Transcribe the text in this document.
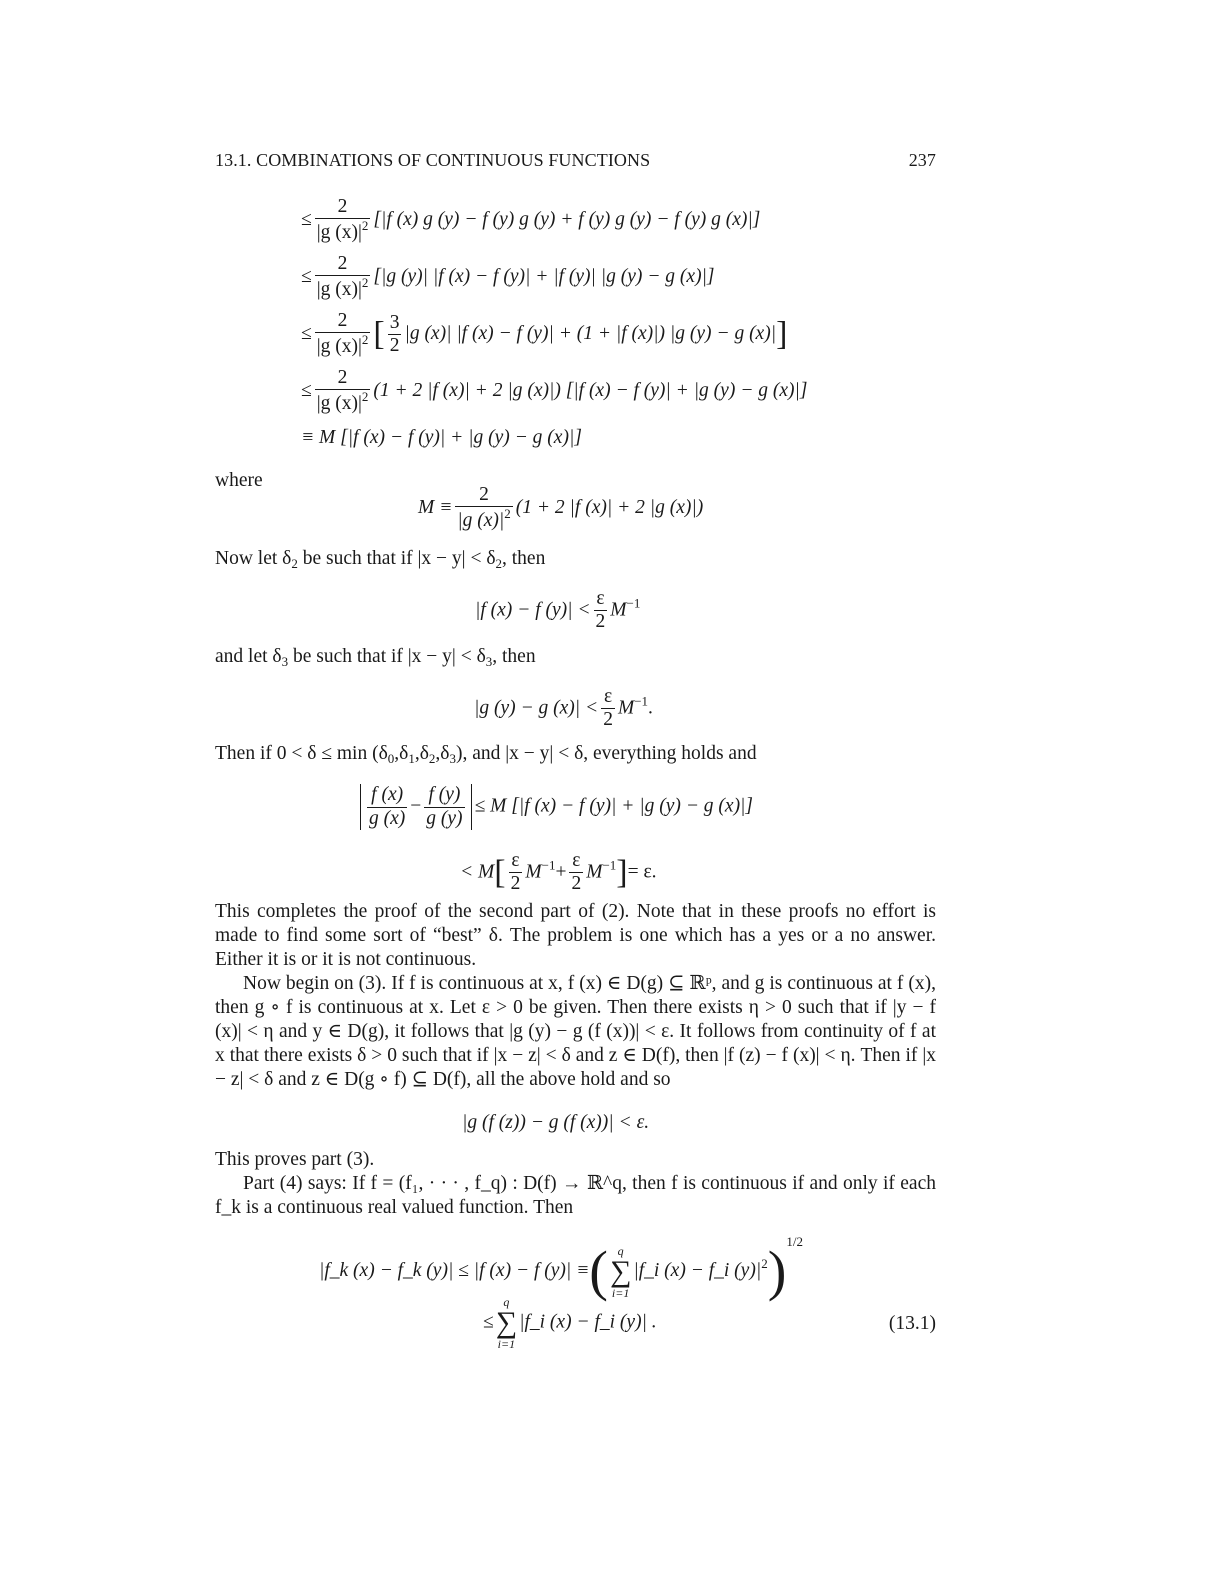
13.1. COMBINATIONS OF CONTINUOUS FUNCTIONS	237
≤ $\frac{2}{|g (x)|^2} [|f$ (x) g (y) − f (y) g (y) + f (y) g (y) − f (y) g (x)|]
≤ $\frac{2}{|g (x)|^2} [|g$ (y)| |f (x) − f (y)| + |f (y)| |g (y) − g (x)|]
≤ $\frac{2}{|g (x)|^2}$ [ $\frac{3}{2} |g$ (x)| |f (x) − f (y)| + (1 + |f (x)|) |g (y) − g (x)|]
≤ $\frac{2}{|g (x)|^2} (1 + 2$ |f (x)| + 2 |g (x)|) [|f (x) − f (y)| + |g (y) − g (x)|]
≡ M [|f (x) − f (y)| + |g (y) − g (x)|]
where
$M \equiv \frac{2}{|g (x)|^2} (1 + 2$ |f (x)| + 2 |g (x)|)
Now let $\delta_2$ be such that if $|x - y| < \delta_2$, then
|f (x) − f $(y)| < \frac{\varepsilon}{2} M^{-1}$
and let $\delta_3$ be such that if $|x - y| < \delta_3$, then
|g (y) − g $(x)| < \frac{\varepsilon}{2} M^{-1}$.
Then if $0 < \delta \le \min (\delta_0,\delta_1,\delta_2,\delta_3)$, and |x − y| < δ, everything holds and
$\frac{f (x)}{g (x)} - \frac{f (y)}{g (y)} \le M$ [|f (x) − f (y)| + |g (y) − g (x)|]
< $M[ \frac{\varepsilon}{2} M^{-1}+ \frac{\varepsilon}{2} M^{-1}]= \varepsilon$.
This completes the proof of the second part of (2). Note that in these proofs no effort is made to find some sort of “best” δ. The problem is one which has a yes or a no answer. Either it is or it is not continuous.
Now begin on (3). If f is continuous at x, f (x) ∈ D(g) ⊆ ℝᵖ, and g is continuous at f (x), then g ∘ f is continuous at x. Let ε > 0 be given. Then there exists η > 0 such that if |y − f (x)| < η and y ∈ D(g), it follows that |g (y) − g (f (x))| < ε. It follows from continuity of f at x that there exists δ > 0 such that if |x − z| < δ and z ∈ D(f), then |f (z) − f (x)| < η. Then if |x − z| < δ and z ∈ D(g ∘ f) ⊆ D(f), all the above hold and so
|g (f (z)) − g (f (x))| < ε.
This proves part (3).
Part (4) says: If f = (f₁, · · · , f_q) : D(f) → ℝ^q, then f is continuous if and only if each f_k is a continuous real valued function. Then
|f_k (x) − f_k (y)| ≤ |f (x) − f (y)| ≡( q
∑
i=1
|f_i (x) − f_i $(y)|^2)^{1/2}$
≤
q
∑
i=1
|f_i (x) − f_i (y)| .	(13.1)
